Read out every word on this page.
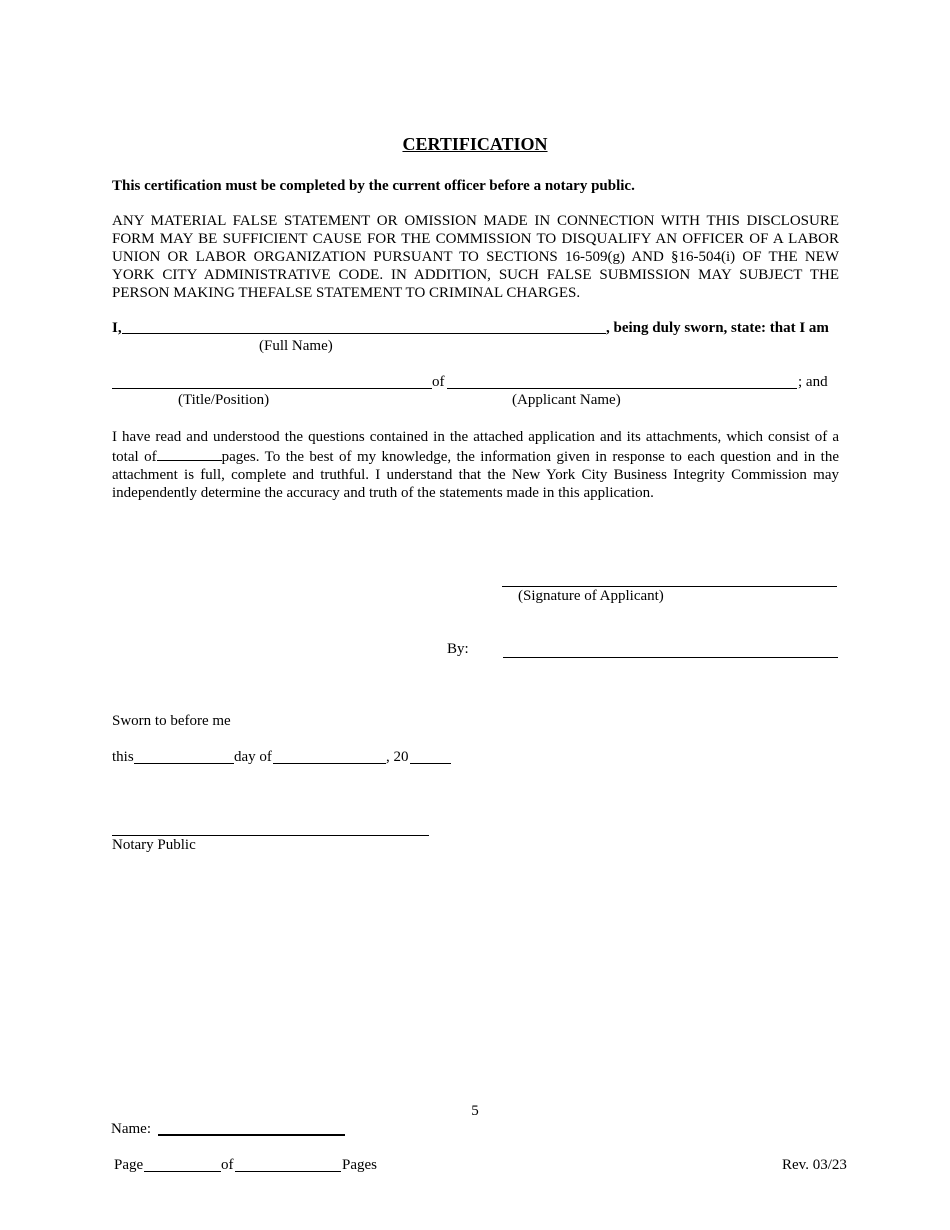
CERTIFICATION
This certification must be completed by the current officer before a notary public.
ANY MATERIAL FALSE STATEMENT OR OMISSION MADE IN CONNECTION WITH THIS DISCLOSURE FORM MAY BE SUFFICIENT CAUSE FOR THE COMMISSION TO DISQUALIFY AN OFFICER OF A LABOR UNION OR LABOR ORGANIZATION PURSUANT TO SECTIONS 16-509(g) AND §16-504(i) OF THE NEW YORK CITY ADMINISTRATIVE CODE. IN ADDITION, SUCH FALSE SUBMISSION MAY SUBJECT THE PERSON MAKING THEFALSE STATEMENT TO CRIMINAL CHARGES.
I,	, being duly sworn, state: that I am
(Full Name)
of	; and
(Title/Position)	(Applicant Name)
I have read and understood the questions contained in the attached application and its attachments, which consist of a total of	pages. To the best of my knowledge, the information given in response to each question and in the attachment is full, complete and truthful. I understand that the New York City Business Integrity Commission may independently determine the accuracy and truth of the statements made in this application.
(Signature of Applicant)
By:
Sworn to before me
this	day of	, 20
Notary Public
5
Name:
Page	of	Pages	Rev. 03/23
